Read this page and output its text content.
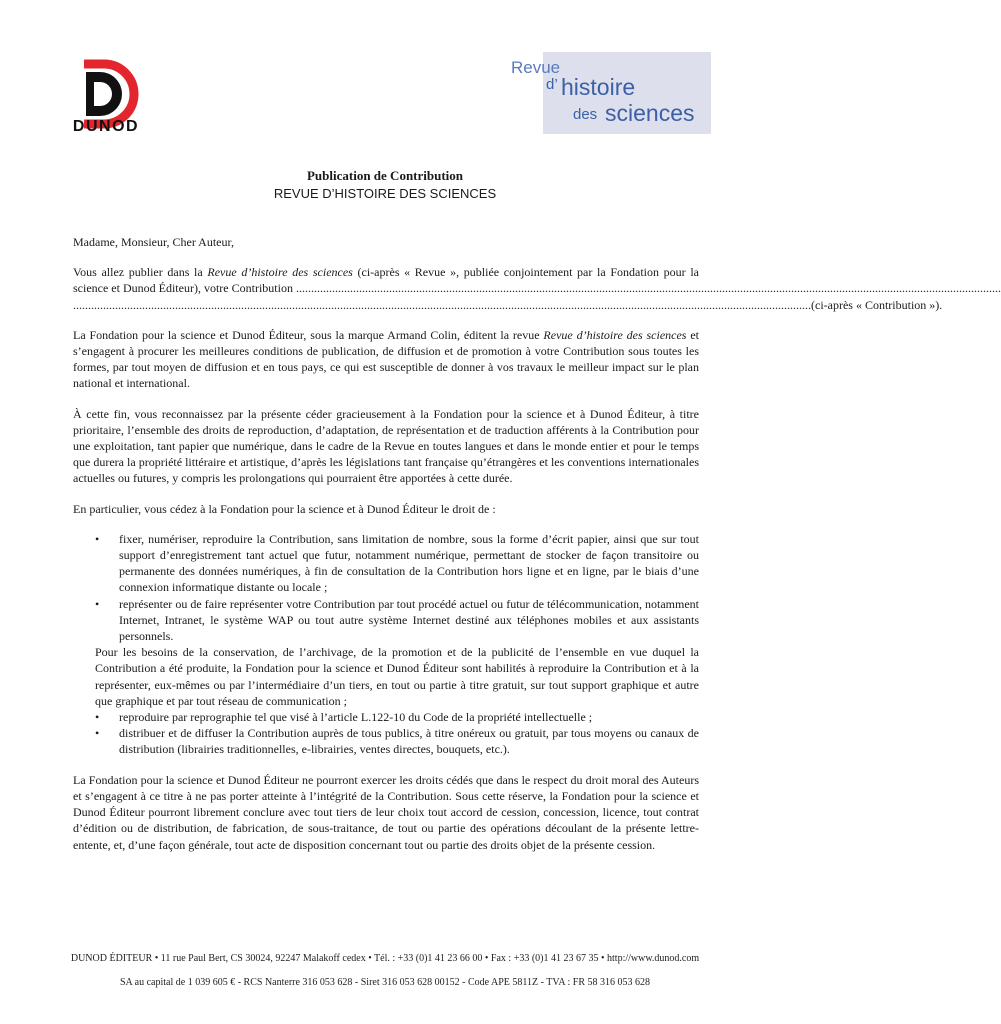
DUNOD
Revue
d’ histoire
des sciences
Publication de Contribution
REVUE D’HISTOIRE DES SCIENCES

Madame, Monsieur, Cher Auteur,

Vous allez publier dans la Revue d’histoire des sciences (ci-après « Revue », publiée conjointement par la Fondation pour la science et Dunod Éditeur), votre Contribution ...........................................................................................................................................................................................................................................

...................................................................................................................................................................................................................................................... (ci-après « Contribution »).

La Fondation pour la science et Dunod Éditeur, sous la marque Armand Colin, éditent la revue Revue d’histoire des sciences et s’engagent à procurer les meilleures conditions de publication, de diffusion et de promotion à votre Contribution sous toutes les formes, par tout moyen de diffusion et en tous pays, ce qui est susceptible de donner à vos travaux le meilleur impact sur le plan national et international.

À cette fin, vous reconnaissez par la présente céder gracieusement à la Fondation pour la science et à Dunod Éditeur, à titre prioritaire, l’ensemble des droits de reproduction, d’adaptation, de représentation et de traduction afférents à la Contribution pour une exploitation, tant papier que numérique, dans le cadre de la Revue en toutes langues et dans le monde entier et pour le temps que durera la propriété littéraire et artistique, d’après les législations tant française qu’étrangères et les conventions internationales actuelles ou futures, y compris les prolongations qui pourraient être apportées à cette durée.

En particulier, vous cédez à la Fondation pour la science et à Dunod Éditeur le droit de :

•	fixer, numériser, reproduire la Contribution, sans limitation de nombre, sous la forme d’écrit papier, ainsi que sur tout support d’enregistrement tant actuel que futur, notamment numérique, permettant de stocker de façon transitoire ou permanente des données numériques, à fin de consultation de la Contribution hors ligne et en ligne, par le biais d’une connexion informatique distante ou locale ;
•	représenter ou de faire représenter votre Contribution par tout procédé actuel ou futur de télécommunication, notamment Internet, Intranet, le système WAP ou tout autre système Internet destiné aux téléphones mobiles et aux assistants personnels.
Pour les besoins de la conservation, de l’archivage, de la promotion et de la publicité de l’ensemble en vue duquel la Contribution a été produite, la Fondation pour la science et Dunod Éditeur sont habilités à reproduire la Contribution et à la représenter, eux-mêmes ou par l’intermédiaire d’un tiers, en tout ou partie à titre gratuit, sur tout support graphique et autre que graphique et par tout réseau de communication ;
•	reproduire par reprographie tel que visé à l’article L.122-10 du Code de la propriété intellectuelle ;
•	distribuer et de diffuser la Contribution auprès de tous publics, à titre onéreux ou gratuit, par tous moyens ou canaux de distribution (librairies traditionnelles, e-librairies, ventes directes, bouquets, etc.).

La Fondation pour la science et Dunod Éditeur ne pourront exercer les droits cédés que dans le respect du droit moral des Auteurs et s’engagent à ce titre à ne pas porter atteinte à l’intégrité de la Contribution. Sous cette réserve, la Fondation pour la science et Dunod Éditeur pourront librement conclure avec tout tiers de leur choix tout accord de cession, concession, licence, tout contrat d’édition ou de distribution, de fabrication, de sous-traitance, de tout ou partie des opérations découlant de la présente lettre-entente, et, d’une façon générale, tout acte de disposition concernant tout ou partie des droits objet de la présente cession.

DUNOD ÉDITEUR • 11 rue Paul Bert, CS 30024, 92247 Malakoff cedex • Tél. : +33 (0)1 41 23 66 00 • Fax : +33 (0)1 41 23 67 35 • http://www.dunod.com
SA au capital de 1 039 605 € - RCS Nanterre 316 053 628 - Siret 316 053 628 00152 - Code APE 5811Z - TVA : FR 58 316 053 628
